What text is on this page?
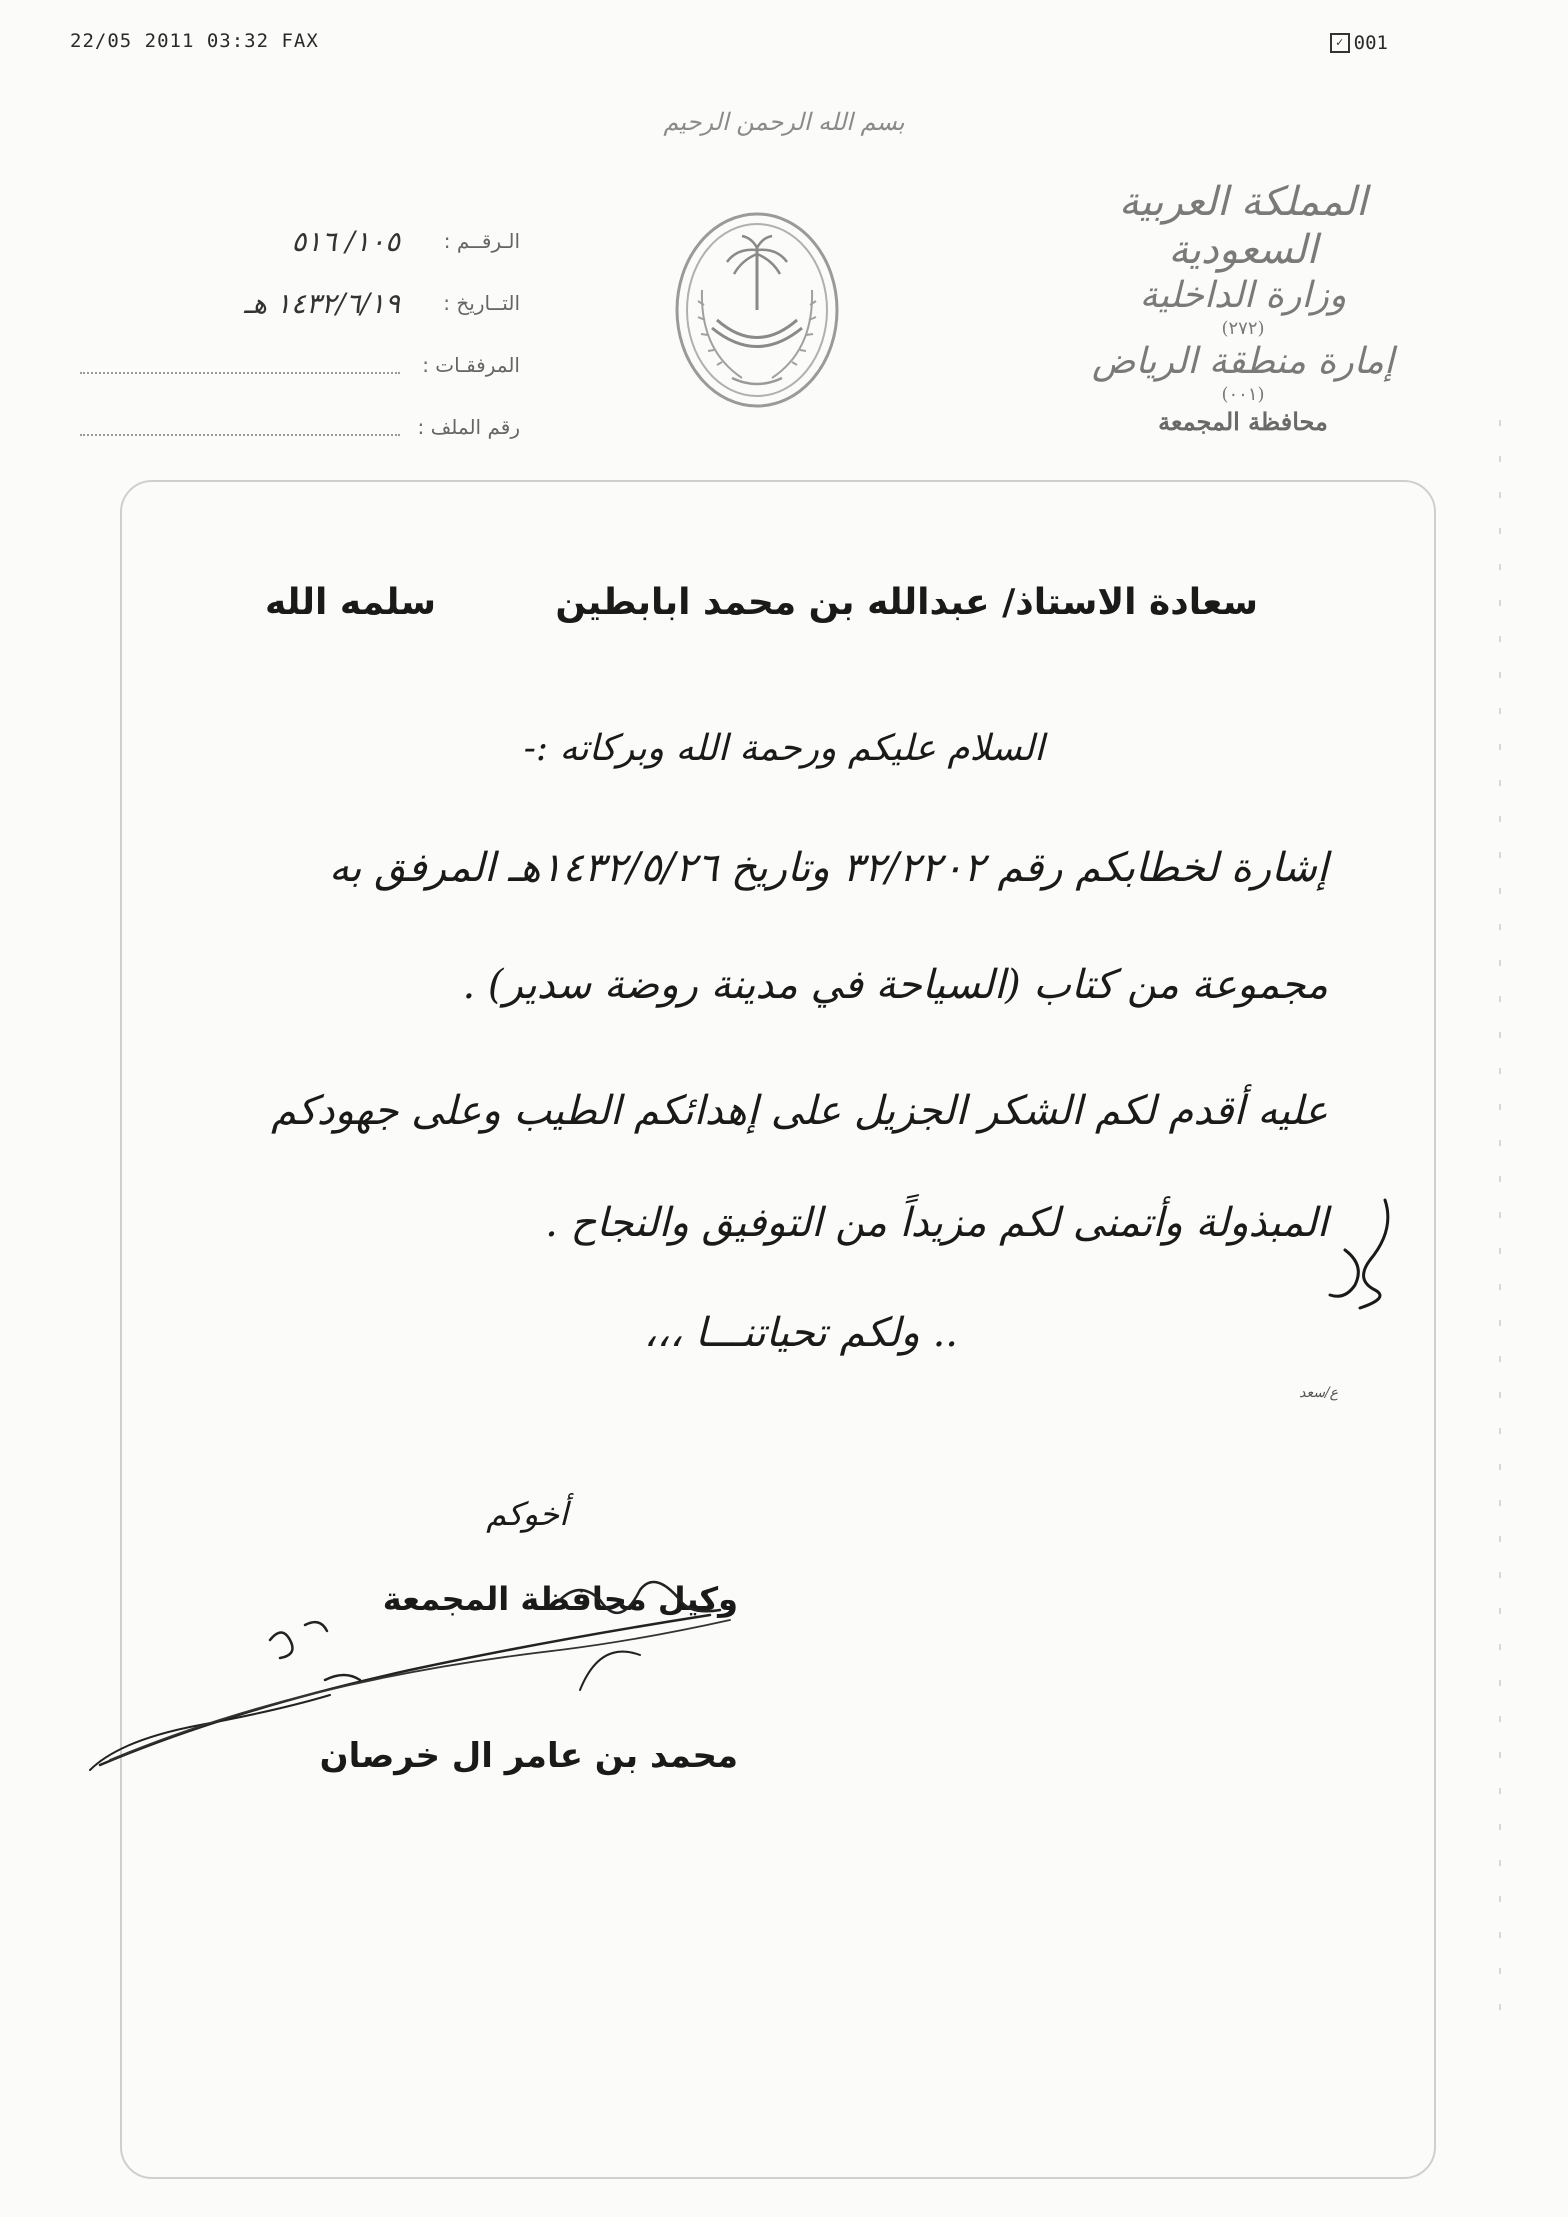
22/05 2011 03:32 FAX	✓ 001
بسم الله الرحمن الرحيم
المملكة العربية السعودية
وزارة الداخلية
(٢٧٢)
إمارة منطقة الرياض
(٠٠١)
محافظة المجمعة
الـرقــم :
١٠٥/ ٥١٦
التــاريخ :
١٤٣٢/٦/١٩ هـ
المرفقـات :
رقم الملف :
سعادة الاستاذ/ عبدالله بن محمد ابابطين
سلمه الله
السلام عليكم ورحمة الله وبركاته :-
إشارة لخطابكم رقم ٣٢/٢٢٠٢ وتاريخ ١٤٣٢/٥/٢٦هـ المرفق به
مجموعة من كتاب (السياحة في مدينة روضة سدير) .
عليه أقدم لكم الشكر الجزيل على إهدائكم الطيب وعلى جهودكم
المبذولة وأتمنى لكم مزيداً من التوفيق والنجاح .
.. ولكم تحياتنـــا ،،،
ع/سعد
أخوكم
وكيل محافظة المجمعة
محمد بن عامر ال خرصان
